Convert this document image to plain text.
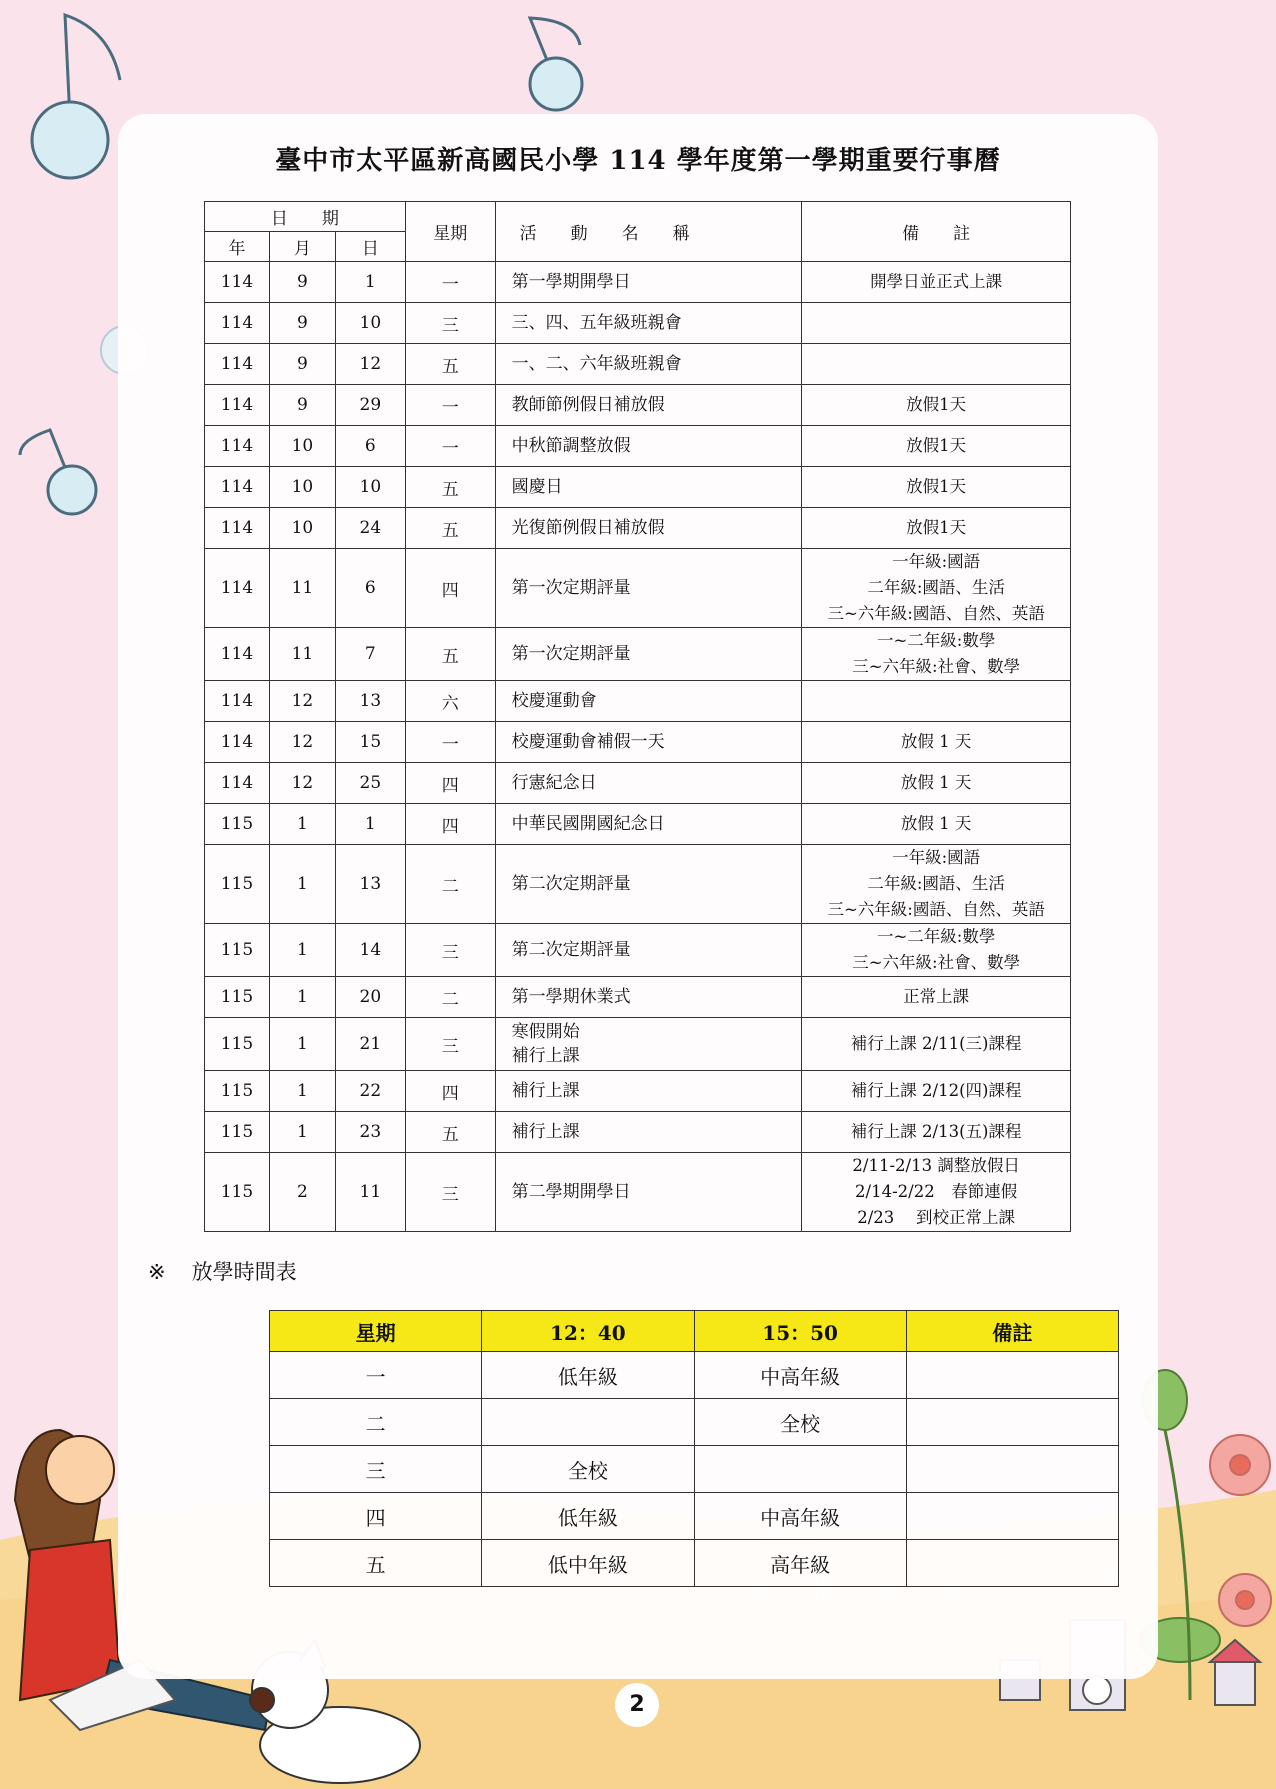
臺中市太平區新高國民小學 114 學年度第一學期重要行事曆
日　　期			星期	活　　動　　名　　稱	備　　註
年	月	日			
114	9	1	一	第一學期開學日	開學日並正式上課

114	9	10	三	三、四、五年級班親會	

114	9	12	五	一、二、六年級班親會	

114	9	29	一	教師節例假日補放假	放假1天

114	10	6	一	中秋節調整放假	放假1天

114	10	10	五	國慶日	放假1天

114	10	24	五	光復節例假日補放假	放假1天

114	11	6	四	第一次定期評量	一年級:國語
二年級:國語、生活
三~六年級:國語、自然、英語

114	11	7	五	第一次定期評量	一~二年級:數學
三~六年級:社會、數學

114	12	13	六	校慶運動會	

114	12	15	一	校慶運動會補假一天	放假 1 天

114	12	25	四	行憲紀念日	放假 1 天

115	1	1	四	中華民國開國紀念日	放假 1 天

115	1	13	二	第二次定期評量	一年級:國語
二年級:國語、生活
三~六年級:國語、自然、英語

115	1	14	三	第二次定期評量	一~二年級:數學
三~六年級:社會、數學

115	1	20	二	第一學期休業式	正常上課

115	1	21	三	寒假開始
補行上課	補行上課 2/11(三)課程

115	1	22	四	補行上課	補行上課 2/12(四)課程

115	1	23	五	補行上課	補行上課 2/13(五)課程

115	2	11	三	第二學期開學日	2/11-2/13 調整放假日
2/14-2/22　春節連假
2/23　 到校正常上課
※ 放學時間表
星期	12：40	15：50	備註
一	低年級	中高年級	
二		全校	
三	全校		
四	低年級	中高年級	
五	低中年級	高年級	
2
